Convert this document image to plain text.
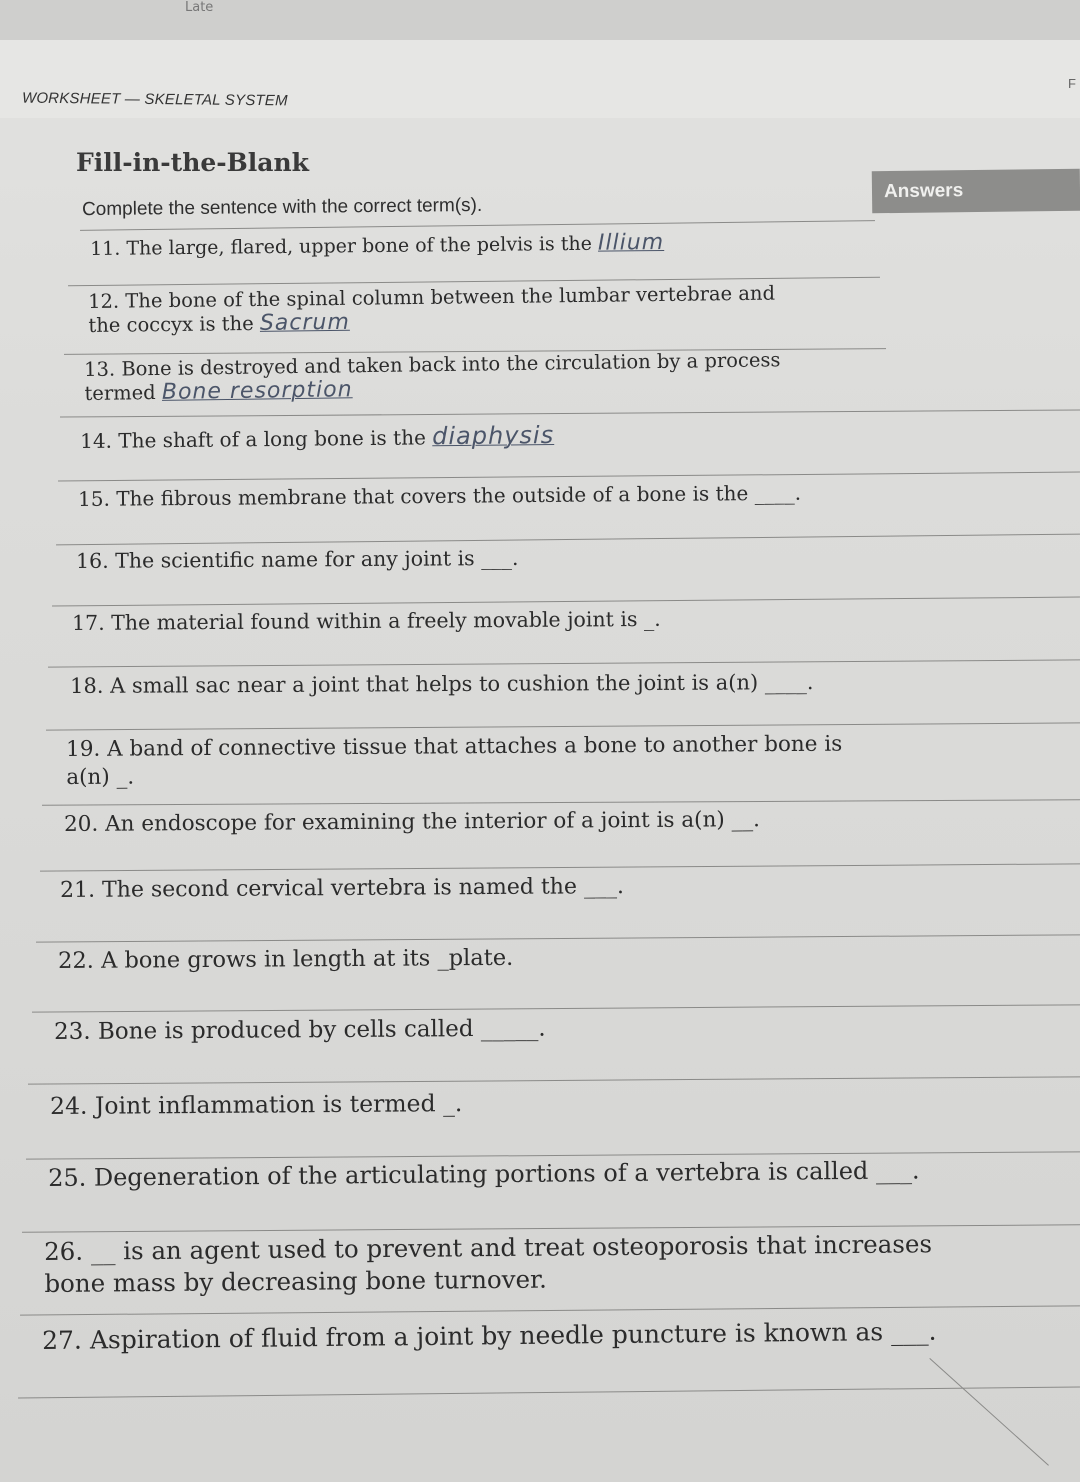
Late
F
WORKSHEET — SKELETAL SYSTEM
Fill-in-the-Blank
Answers
Complete the sentence with the correct term(s).
11. The large, flared, upper bone of the pelvis is the Illium
12. The bone of the spinal column between the lumbar vertebrae and
the coccyx is the Sacrum
13. Bone is destroyed and taken back into the circulation by a process
termed Bone resorption
14. The shaft of a long bone is the diaphysis
15. The fibrous membrane that covers the outside of a bone is the ____.
16. The scientific name for any joint is ___.
17. The material found within a freely movable joint is _.
18. A small sac near a joint that helps to cushion the joint is a(n) ____.
19. A band of connective tissue that attaches a bone to another bone is
a(n) _.
20. An endoscope for examining the interior of a joint is a(n) __.
21. The second cervical vertebra is named the ___.
22. A bone grows in length at its _plate.
23. Bone is produced by cells called _____.
24. Joint inflammation is termed _.
25. Degeneration of the articulating portions of a vertebra is called ___.
26. __ is an agent used to prevent and treat osteoporosis that increases
bone mass by decreasing bone turnover.
27. Aspiration of fluid from a joint by needle puncture is known as ___.
